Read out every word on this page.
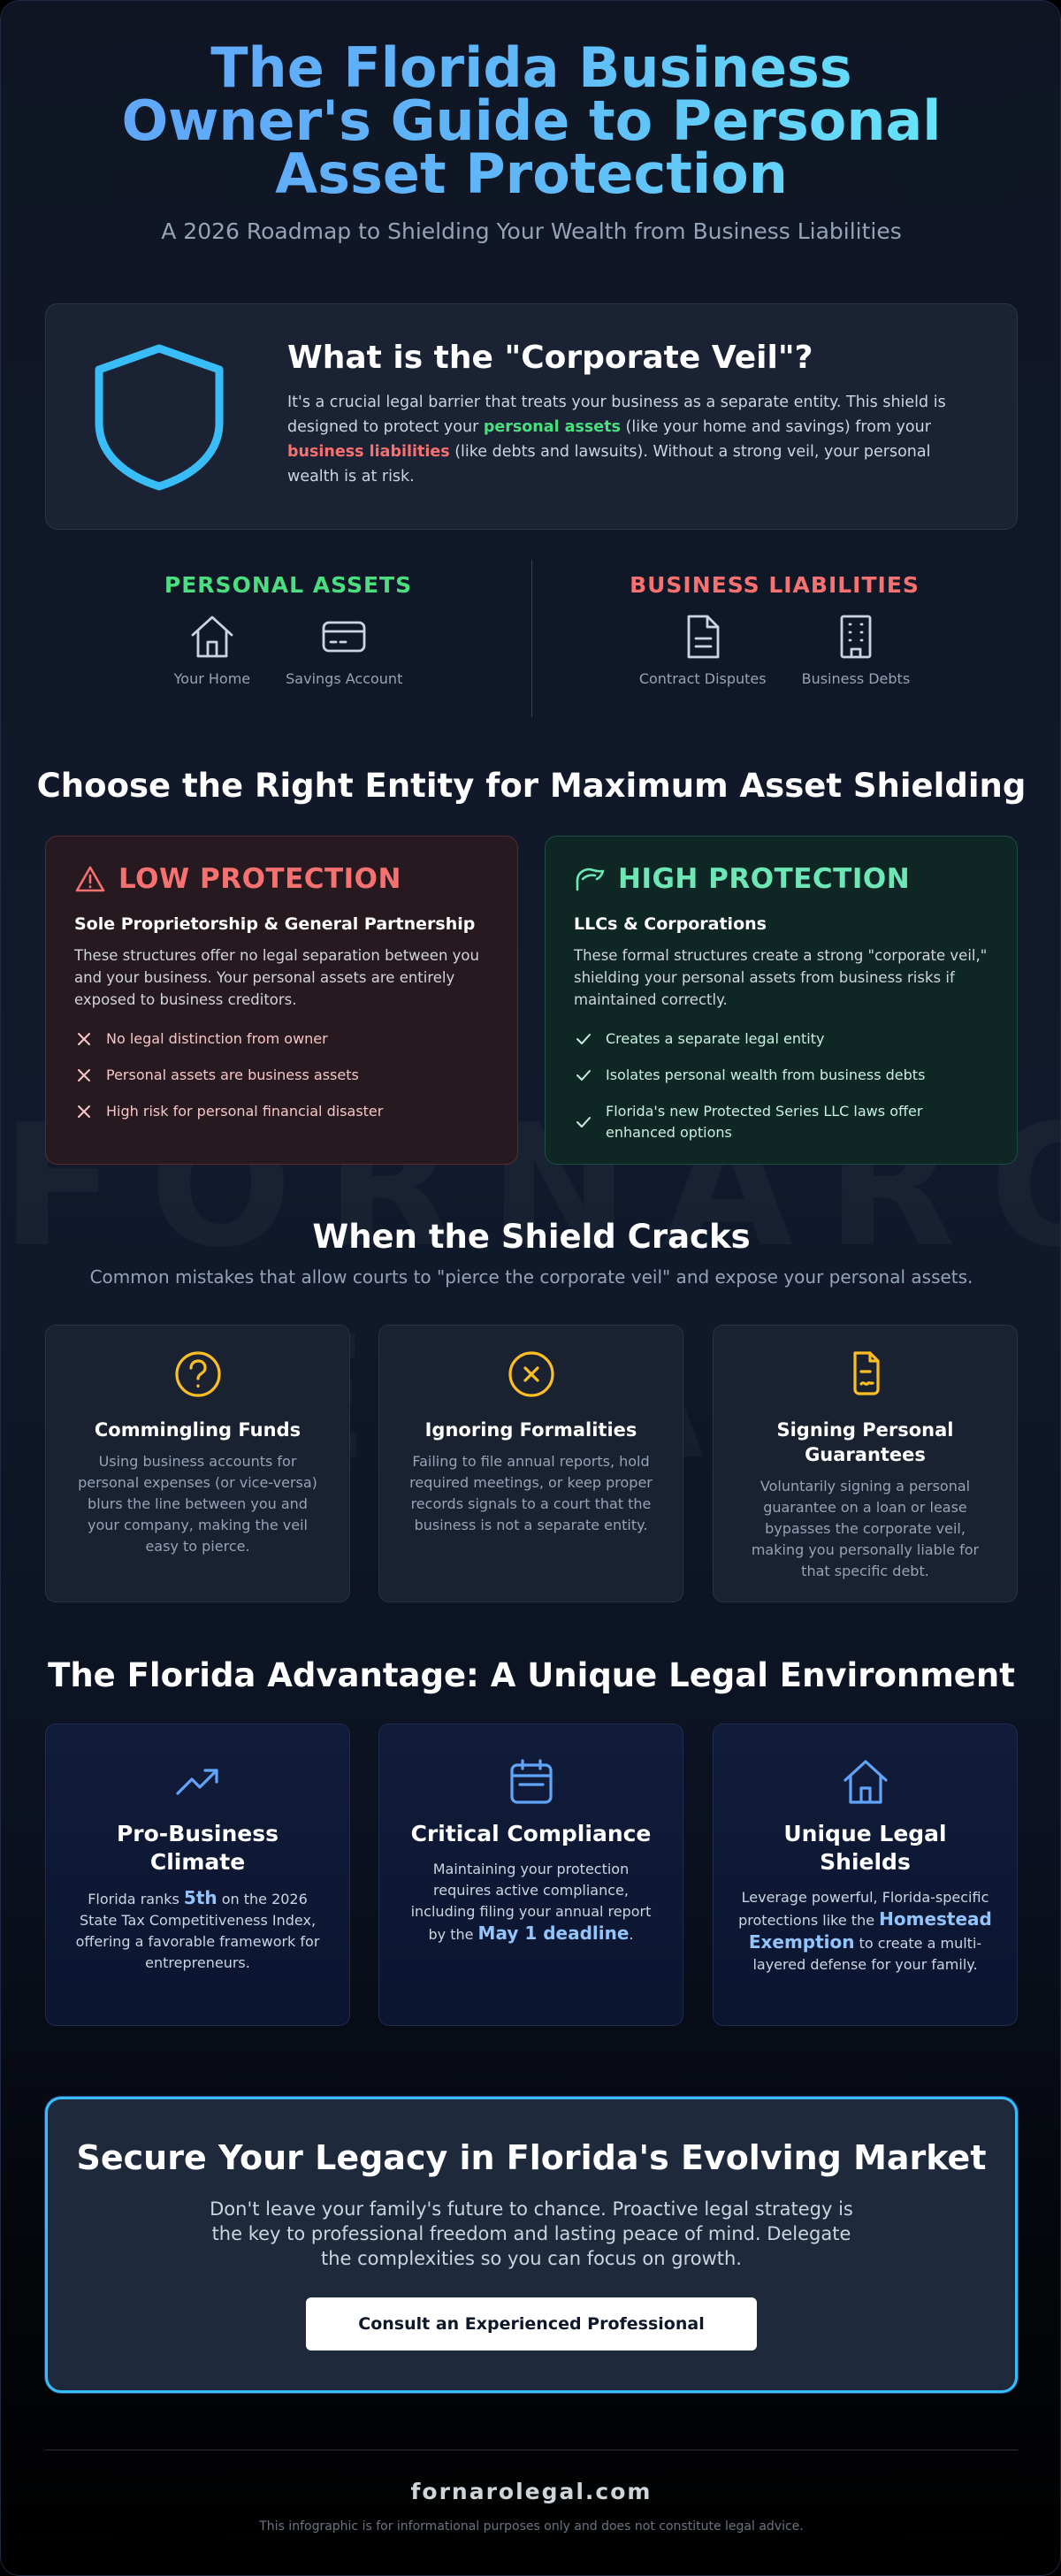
The Florida Business Owner's Guide to Personal Asset Protection
A 2026 Roadmap to Shielding Your Wealth from Business Liabilities
What is the "Corporate Veil"?

It's a crucial legal barrier that treats your business as a separate entity. This shield is designed to protect your personal assets (like your home and savings) from your business liabilities (like debts and lawsuits). Without a strong veil, your personal wealth is at risk.

PERSONAL ASSETS
Your Home	Savings Account
BUSINESS LIABILITIES
Contract Disputes	Business Debts
Choose the Right Entity for Maximum Asset Shielding
LOW PROTECTION
Sole Proprietorship & General Partnership
These structures offer no legal separation between you and your business. Your personal assets are entirely exposed to business creditors.
No legal distinction from owner
Personal assets are business assets
High risk for personal financial disaster
HIGH PROTECTION
LLCs & Corporations
These formal structures create a strong "corporate veil," shielding your personal assets from business risks if maintained correctly.
Creates a separate legal entity
Isolates personal wealth from business debts
Florida's new Protected Series LLC laws offer enhanced options
When the Shield Cracks
Common mistakes that allow courts to "pierce the corporate veil" and expose your personal assets.
Commingling Funds
Using business accounts for personal expenses (or vice-versa) blurs the line between you and your company, making the veil easy to pierce.
Ignoring Formalities
Failing to file annual reports, hold required meetings, or keep proper records signals to a court that the business is not a separate entity.
Signing Personal Guarantees
Voluntarily signing a personal guarantee on a loan or lease bypasses the corporate veil, making you personally liable for that specific debt.
The Florida Advantage: A Unique Legal Environment
Pro-Business Climate
Florida ranks 5th on the 2026 State Tax Competitiveness Index, offering a favorable framework for entrepreneurs.
Critical Compliance
Maintaining your protection requires active compliance, including filing your annual report by the May 1 deadline.
Unique Legal Shields
Leverage powerful, Florida-specific protections like the Homestead Exemption to create a multi-layered defense for your family.
Secure Your Legacy in Florida's Evolving Market
Don't leave your family's future to chance. Proactive legal strategy is the key to professional freedom and lasting peace of mind. Delegate the complexities so you can focus on growth.
Consult an Experienced Professional
fornarolegal.com
This infographic is for informational purposes only and does not constitute legal advice.
